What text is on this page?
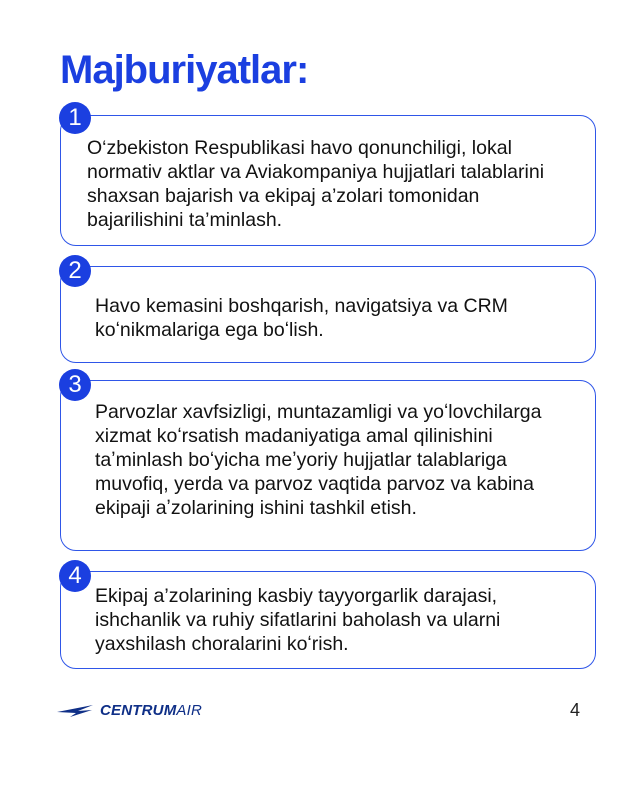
Majburiyatlar:
1
O‘zbekiston Respublikasi havo qonunchiligi, lokal normativ aktlar va Aviakompaniya hujjatlari talablarini shaxsan bajarish va ekipaj a’zolari tomonidan bajarilishini ta’minlash.
2
Havo kemasini boshqarish, navigatsiya va CRM koʻnikmalariga ega boʻlish.
3
Parvozlar xavfsizligi, muntazamligi va yoʻlovchilarga xizmat koʻrsatish madaniyatiga amal qilinishini taʼminlash boʻyicha meʼyoriy hujjatlar talablariga muvofiq, yerda va parvoz vaqtida parvoz va kabina ekipaji aʼzolarining ishini tashkil etish.
4
Ekipaj a’zolarining kasbiy tayyorgarlik darajasi, ishchanlik va ruhiy sifatlarini baholash va ularni yaxshilash choralarini koʻrish.
CENTRUMAIR	4
